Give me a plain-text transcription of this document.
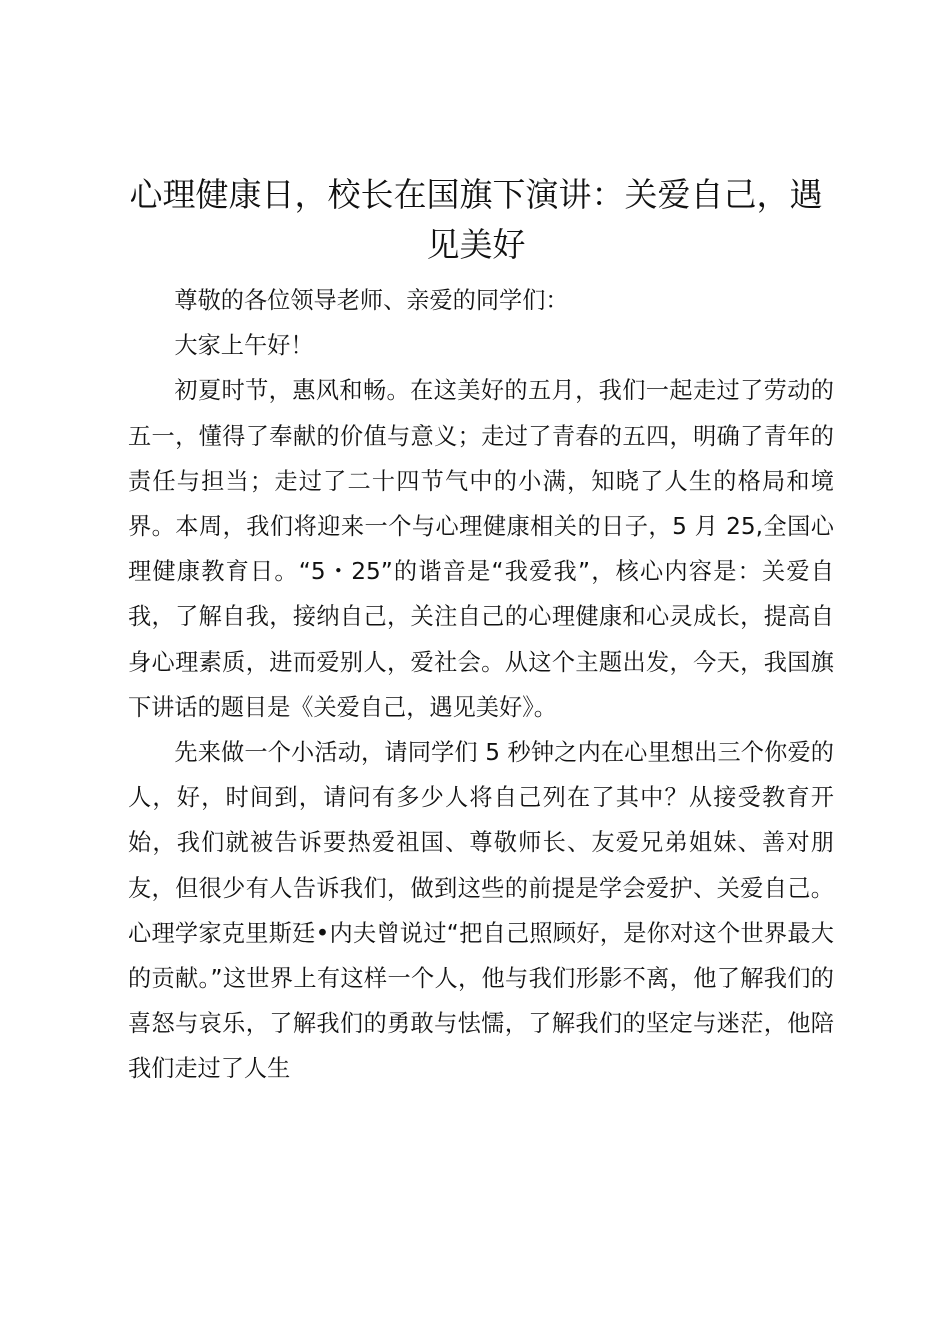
心理健康日，校长在国旗下演讲：关爱自己，遇见美好

尊敬的各位领导老师、亲爱的同学们：

大家上午好！

初夏时节，惠风和畅。在这美好的五月，我们一起走过了劳动的五一，懂得了奉献的价值与意义；走过了青春的五四，明确了青年的责任与担当；走过了二十四节气中的小满，知晓了人生的格局和境界。本周，我们将迎来一个与心理健康相关的日子，5 月 25,全国心理健康教育日。“5・25”的谐音是“我爱我”，核心内容是：关爱自我，了解自我，接纳自己，关注自己的心理健康和心灵成长，提高自身心理素质，进而爱别人，爱社会。从这个主题出发，今天，我国旗下讲话的题目是《关爱自己，遇见美好》。

先来做一个小活动，请同学们 5 秒钟之内在心里想出三个你爱的人，好，时间到，请问有多少人将自己列在了其中？从接受教育开始，我们就被告诉要热爱祖国、尊敬师长、友爱兄弟姐妹、善对朋友，但很少有人告诉我们，做到这些的前提是学会爱护、关爱自己。心理学家克里斯廷•内夫曾说过“把自己照顾好，是你对这个世界最大的贡献。”这世界上有这样一个人，他与我们形影不离，他了解我们的喜怒与哀乐，了解我们的勇敢与怯懦，了解我们的坚定与迷茫，他陪我们走过了人生
